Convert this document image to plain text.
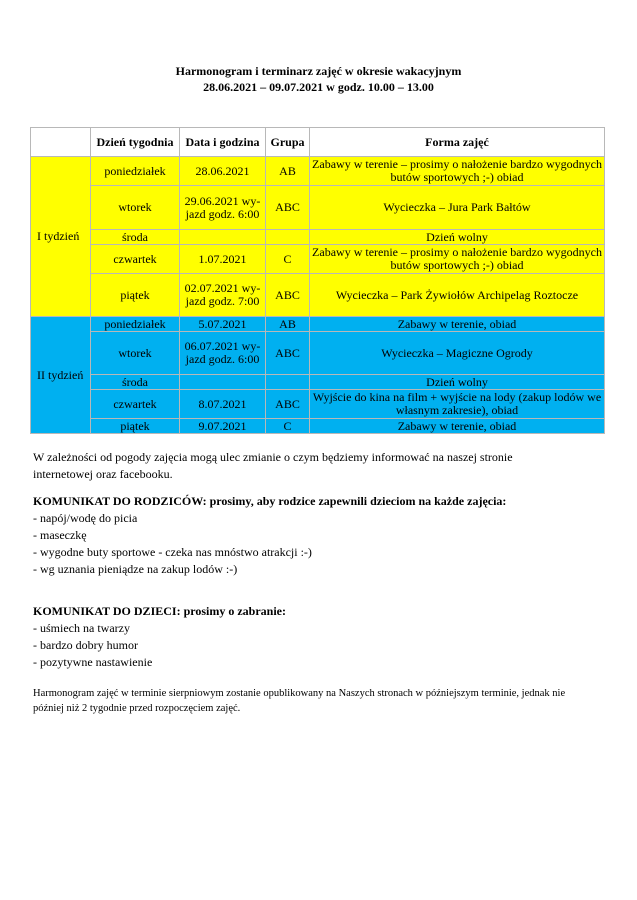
Harmonogram i terminarz zajęć w okresie wakacyjnym
28.06.2021 – 09.07.2021 w godz. 10.00 – 13.00
	Dzień tygodnia	Data i godzina	Grupa	Forma zajęć
I tydzień	poniedziałek	28.06.2021	AB	Zabawy w terenie – prosimy o nałożenie bardzo wygodnych butów sportowych ;-) obiad
	wtorek	29.06.2021 wy-jazd godz. 6:00	ABC	Wycieczka – Jura Park Bałtów
	środa			Dzień wolny
	czwartek	1.07.2021	C	Zabawy w terenie – prosimy o nałożenie bardzo wygodnych butów sportowych ;-) obiad
	piątek	02.07.2021 wy-jazd godz. 7:00	ABC	Wycieczka – Park Żywiołów Archipelag Roztocze
II tydzień	poniedziałek	5.07.2021	AB	Zabawy w terenie, obiad
	wtorek	06.07.2021 wy-jazd godz. 6:00	ABC	Wycieczka – Magiczne Ogrody
	środa			Dzień wolny
	czwartek	8.07.2021	ABC	Wyjście do kina na film + wyjście na lody (zakup lodów we własnym zakresie), obiad
	piątek	9.07.2021	C	Zabawy w terenie, obiad

W zależności od pogody zajęcia mogą ulec zmianie o czym będziemy informować na naszej stronie internetowej oraz facebooku.

KOMUNIKAT DO RODZICÓW: prosimy, aby rodzice zapewnili dzieciom na każde zajęcia:

- napój/wodę do picia

- maseczkę

- wygodne buty sportowe - czeka nas mnóstwo atrakcji :-)

- wg uznania pieniądze na zakup lodów :-)

KOMUNIKAT DO DZIECI: prosimy o zabranie:

- uśmiech na twarzy

- bardzo dobry humor

- pozytywne nastawienie

Harmonogram zajęć w terminie sierpniowym zostanie opublikowany na Naszych stronach w późniejszym terminie, jednak nie później niż 2 tygodnie przed rozpoczęciem zajęć.
